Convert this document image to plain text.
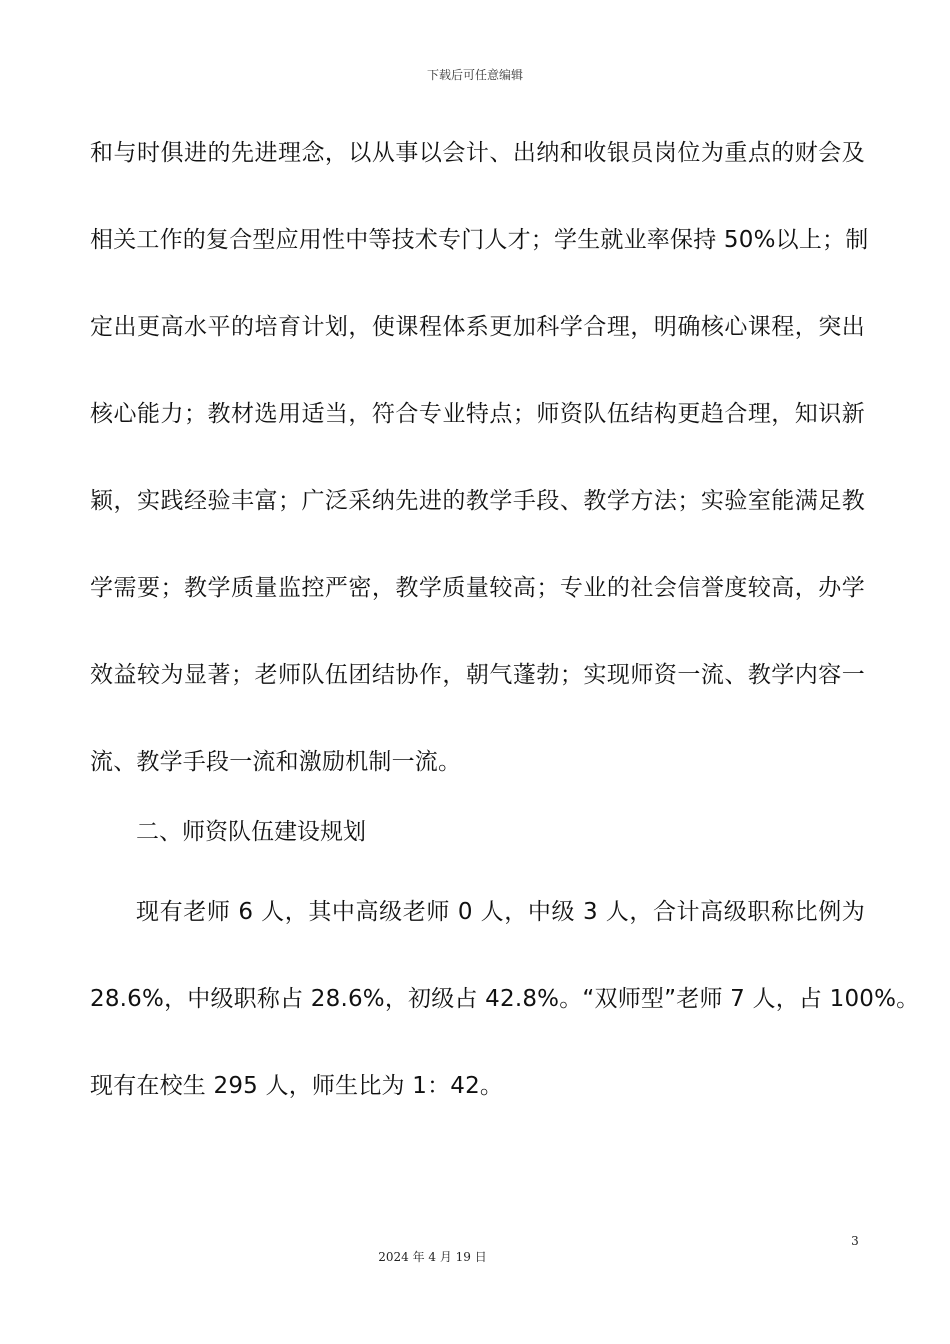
下载后可任意编辑
和与时俱进的先进理念，以从事以会计、出纳和收银员岗位为重点的财会及
相关工作的复合型应用性中等技术专门人才；学生就业率保持 50%以上；制
定出更高水平的培育计划，使课程体系更加科学合理，明确核心课程，突出
核心能力；教材选用适当，符合专业特点；师资队伍结构更趋合理，知识新
颖，实践经验丰富；广泛采纳先进的教学手段、教学方法；实验室能满足教
学需要；教学质量监控严密，教学质量较高；专业的社会信誉度较高，办学
效益较为显著；老师队伍团结协作，朝气蓬勃；实现师资一流、教学内容一
流、教学手段一流和激励机制一流。
二、师资队伍建设规划
现有老师 6 人，其中高级老师 0 人，中级 3 人，合计高级职称比例为
28.6%，中级职称占 28.6%，初级占 42.8%。“双师型”老师 7 人，占 100%。
现有在校生 295 人，师生比为 1：42。
3
2024 年 4 月 19 日
